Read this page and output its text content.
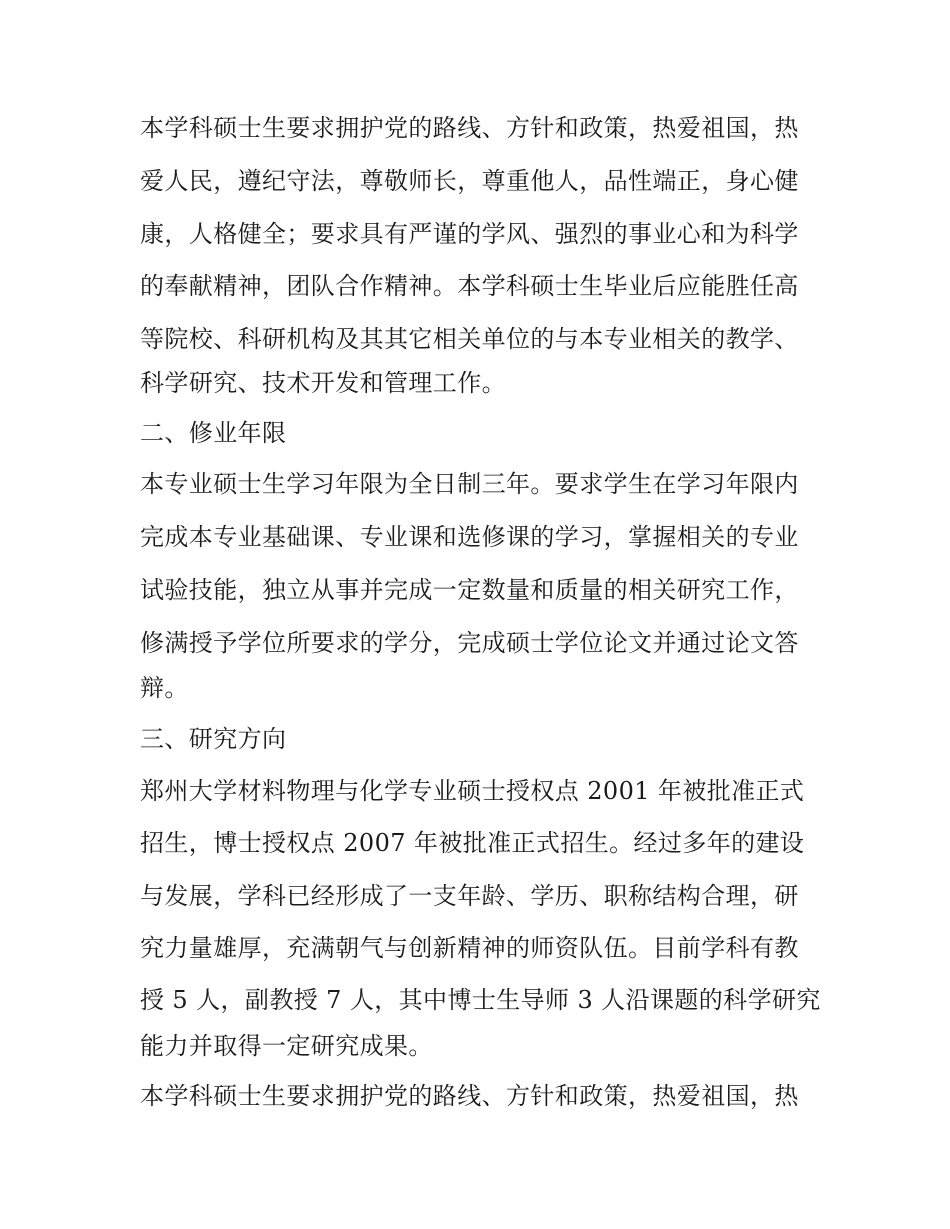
本学科硕士生要求拥护党的路线、方针和政策，热爱祖国，热
爱人民，遵纪守法，尊敬师长，尊重他人，品性端正，身心健
康，人格健全；要求具有严谨的学风、强烈的事业心和为科学
的奉献精神，团队合作精神。本学科硕士生毕业后应能胜任高
等院校、科研机构及其其它相关单位的与本专业相关的教学、
科学研究、技术开发和管理工作。
二、修业年限
本专业硕士生学习年限为全日制三年。要求学生在学习年限内
完成本专业基础课、专业课和选修课的学习，掌握相关的专业
试验技能，独立从事并完成一定数量和质量的相关研究工作，
修满授予学位所要求的学分，完成硕士学位论文并通过论文答
辩。
三、研究方向
郑州大学材料物理与化学专业硕士授权点 2001 年被批准正式
招生，博士授权点 2007 年被批准正式招生。经过多年的建设
与发展，学科已经形成了一支年龄、学历、职称结构合理，研
究力量雄厚，充满朝气与创新精神的师资队伍。目前学科有教
授 5 人，副教授 7 人，其中博士生导师 3 人沿课题的科学研究
能力并取得一定研究成果。
本学科硕士生要求拥护党的路线、方针和政策，热爱祖国，热
